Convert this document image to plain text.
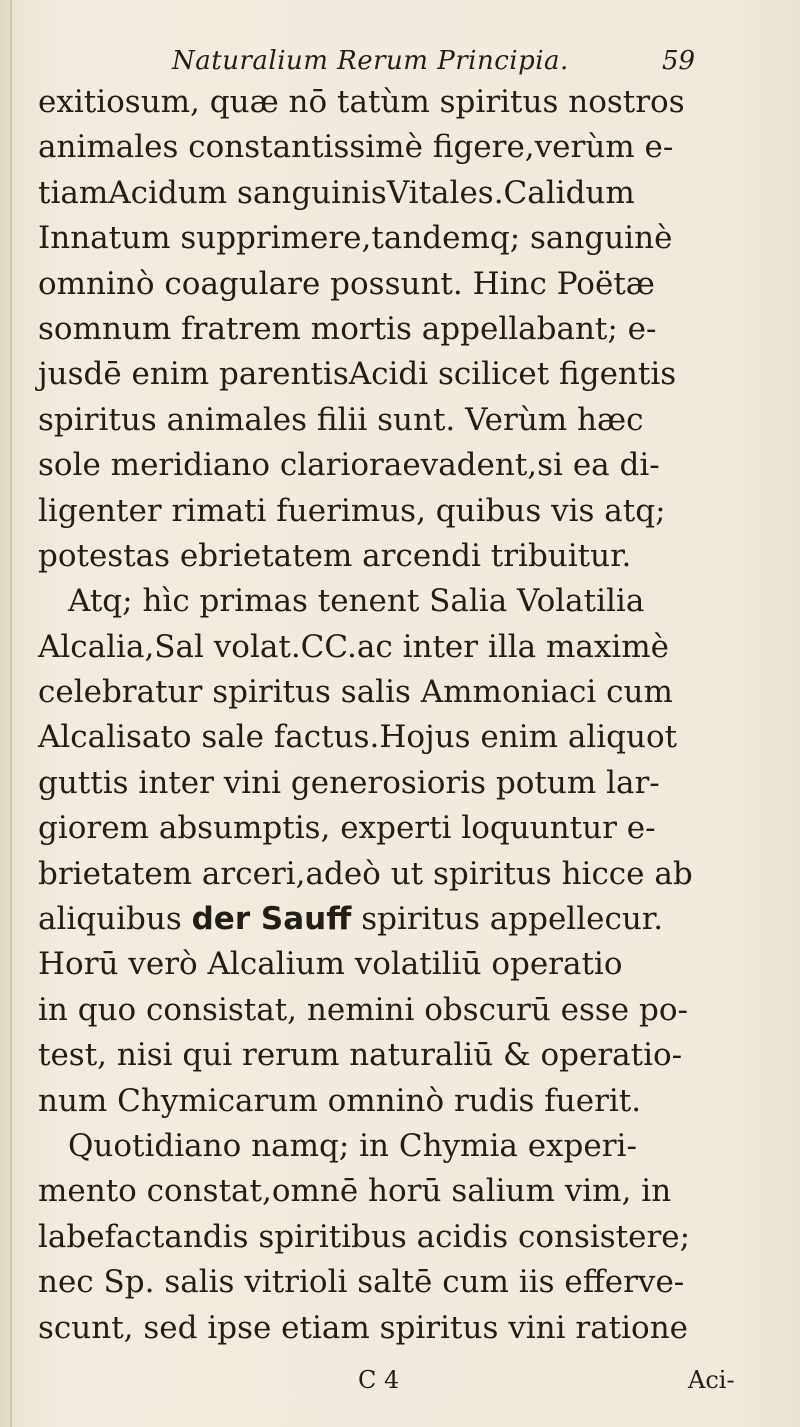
Naturalium Rerum Principia.	59
exitiosum, quæ nō tatùm spiritus nostros
animales constantissimè figere,verùm e-
tiamAcidum sanguinisVitales.Calidum
Innatum supprimere,tandemq; sanguinè
omninò coagulare possunt. Hinc Poëtæ
somnum fratrem mortis appellabant; e-
jusdē enim parentisAcidi scilicet figentis
spiritus animales filii sunt. Verùm hæc
sole meridiano clarioraevadent,si ea di-
ligenter rimati fuerimus, quibus vis atq;
potestas ebrietatem arcendi tribuitur.
Atq; hìc primas tenent Salia Volatilia
Alcalia,Sal volat.CC.ac inter illa maximè
celebratur spiritus salis Ammoniaci cum
Alcalisato sale factus.Hojus enim aliquot
guttis inter vini generosioris potum lar-
giorem absumptis, experti loquuntur e-
brietatem arceri,adeò ut spiritus hicce ab
aliquibus der Sauff spiritus appellecur.
Horū verò Alcalium volatiliū operatio
in quo consistat, nemini obscurū esse po-
test, nisi qui rerum naturaliū & operatio-
num Chymicarum omninò rudis fuerit.
Quotidiano namq; in Chymia experi-
mento constat,omnē horū salium vim, in
labefactandis spiritibus acidis consistere;
nec Sp. salis vitrioli saltē cum iis efferve-
scunt, sed ipse etiam spiritus vini ratione
C 4	Aci-
